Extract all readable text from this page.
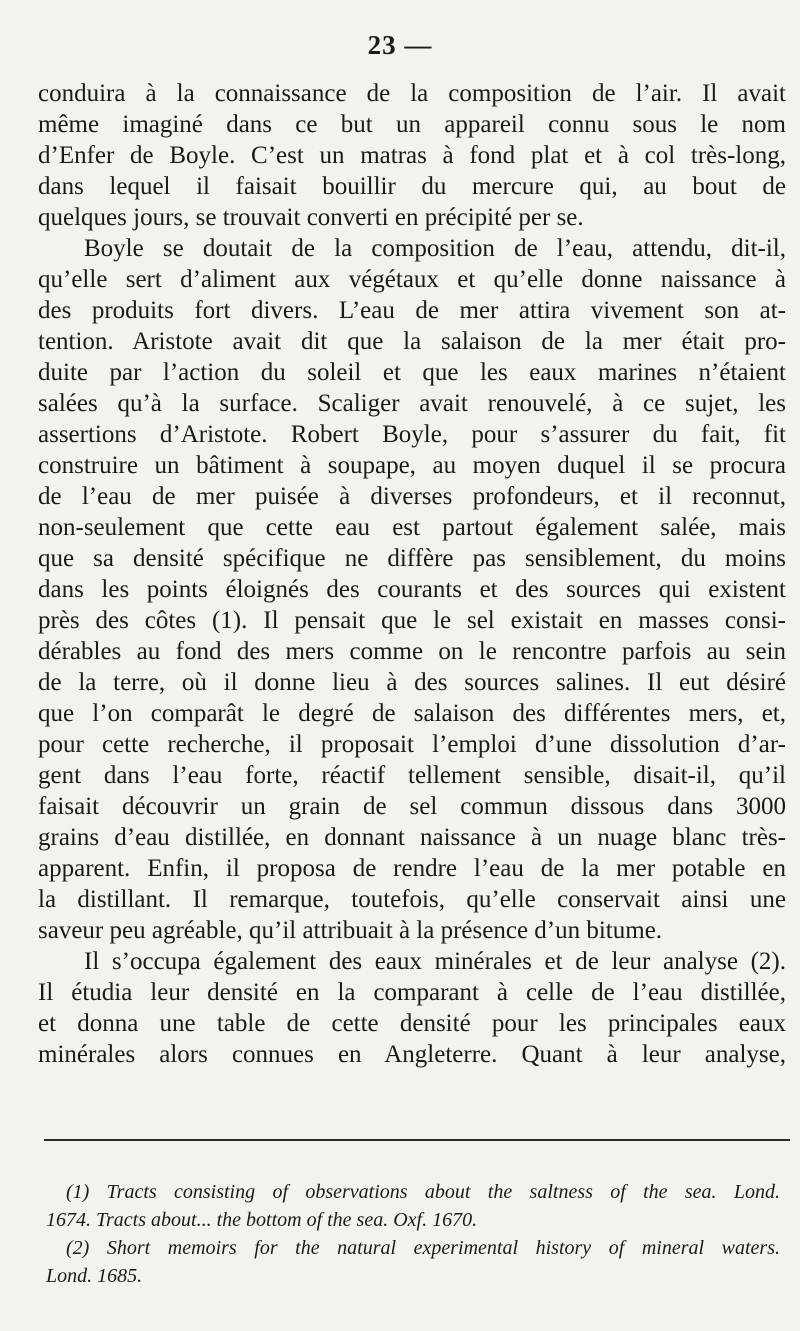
23 —
conduira à la connaissance de la composition de l’air. Il avait
même imaginé dans ce but un appareil connu sous le nom
d’Enfer de Boyle. C’est un matras à fond plat et à col très-long,
dans lequel il faisait bouillir du mercure qui, au bout de
quelques jours, se trouvait converti en précipité per se.
Boyle se doutait de la composition de l’eau, attendu, dit-il,
qu’elle sert d’aliment aux végétaux et qu’elle donne naissance à
des produits fort divers. L’eau de mer attira vivement son at-
tention. Aristote avait dit que la salaison de la mer était pro-
duite par l’action du soleil et que les eaux marines n’étaient
salées qu’à la surface. Scaliger avait renouvelé, à ce sujet, les
assertions d’Aristote. Robert Boyle, pour s’assurer du fait, fit
construire un bâtiment à soupape, au moyen duquel il se procura
de l’eau de mer puisée à diverses profondeurs, et il reconnut,
non-seulement que cette eau est partout également salée, mais
que sa densité spécifique ne diffère pas sensiblement, du moins
dans les points éloignés des courants et des sources qui existent
près des côtes (1). Il pensait que le sel existait en masses consi-
dérables au fond des mers comme on le rencontre parfois au sein
de la terre, où il donne lieu à des sources salines. Il eut désiré
que l’on comparât le degré de salaison des différentes mers, et,
pour cette recherche, il proposait l’emploi d’une dissolution d’ar-
gent dans l’eau forte, réactif tellement sensible, disait-il, qu’il
faisait découvrir un grain de sel commun dissous dans 3000
grains d’eau distillée, en donnant naissance à un nuage blanc très-
apparent. Enfin, il proposa de rendre l’eau de la mer potable en
la distillant. Il remarque, toutefois, qu’elle conservait ainsi une
saveur peu agréable, qu’il attribuait à la présence d’un bitume.
Il s’occupa également des eaux minérales et de leur analyse (2).
Il étudia leur densité en la comparant à celle de l’eau distillée,
et donna une table de cette densité pour les principales eaux
minérales alors connues en Angleterre. Quant à leur analyse,
(1) Tracts consisting of observations about the saltness of the sea. Lond.
1674. Tracts about... the bottom of the sea. Oxf. 1670.
(2) Short memoirs for the natural experimental history of mineral waters.
Lond. 1685.
